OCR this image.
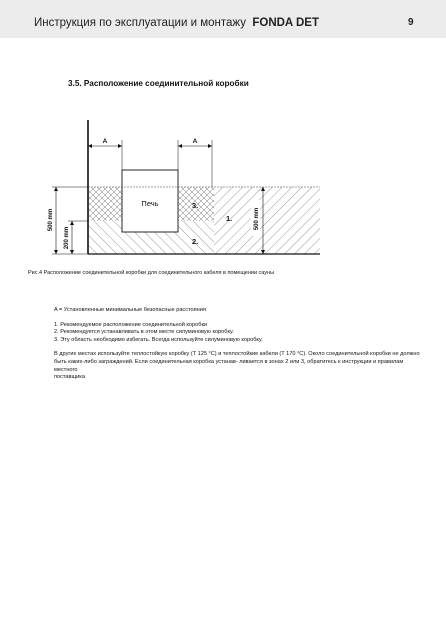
Инструкция по эксплуатации и монтажу FONDA DET	9
3.5. Расположение соединительной коробки
Печь
A	A
3.
1.
2.
500 mm
200 mm
500 mm
Рис.4 Расположение соединительной коробки для соединительного кабеля в помещении сауны

A = Установленные минимальные безопасные расстояния

1. Рекомендуемое расположение соединительной коробки
2. Рекомендуется устанавливать в этом месте силуминовую коробку.
3. Эту область необходимо избегать. Всегда используйте силуминовую коробку.

В других местах используйте теплостойкую коробку (T 125 °C) и теплостойкие кабели (T 170 °C). Около соединительной коробки не должно быть каких-либо заграждений. Если соединительная коробка устанав- ливается в зонах 2 или 3, обратитесь к инструкции и правилам местного

поставщика
